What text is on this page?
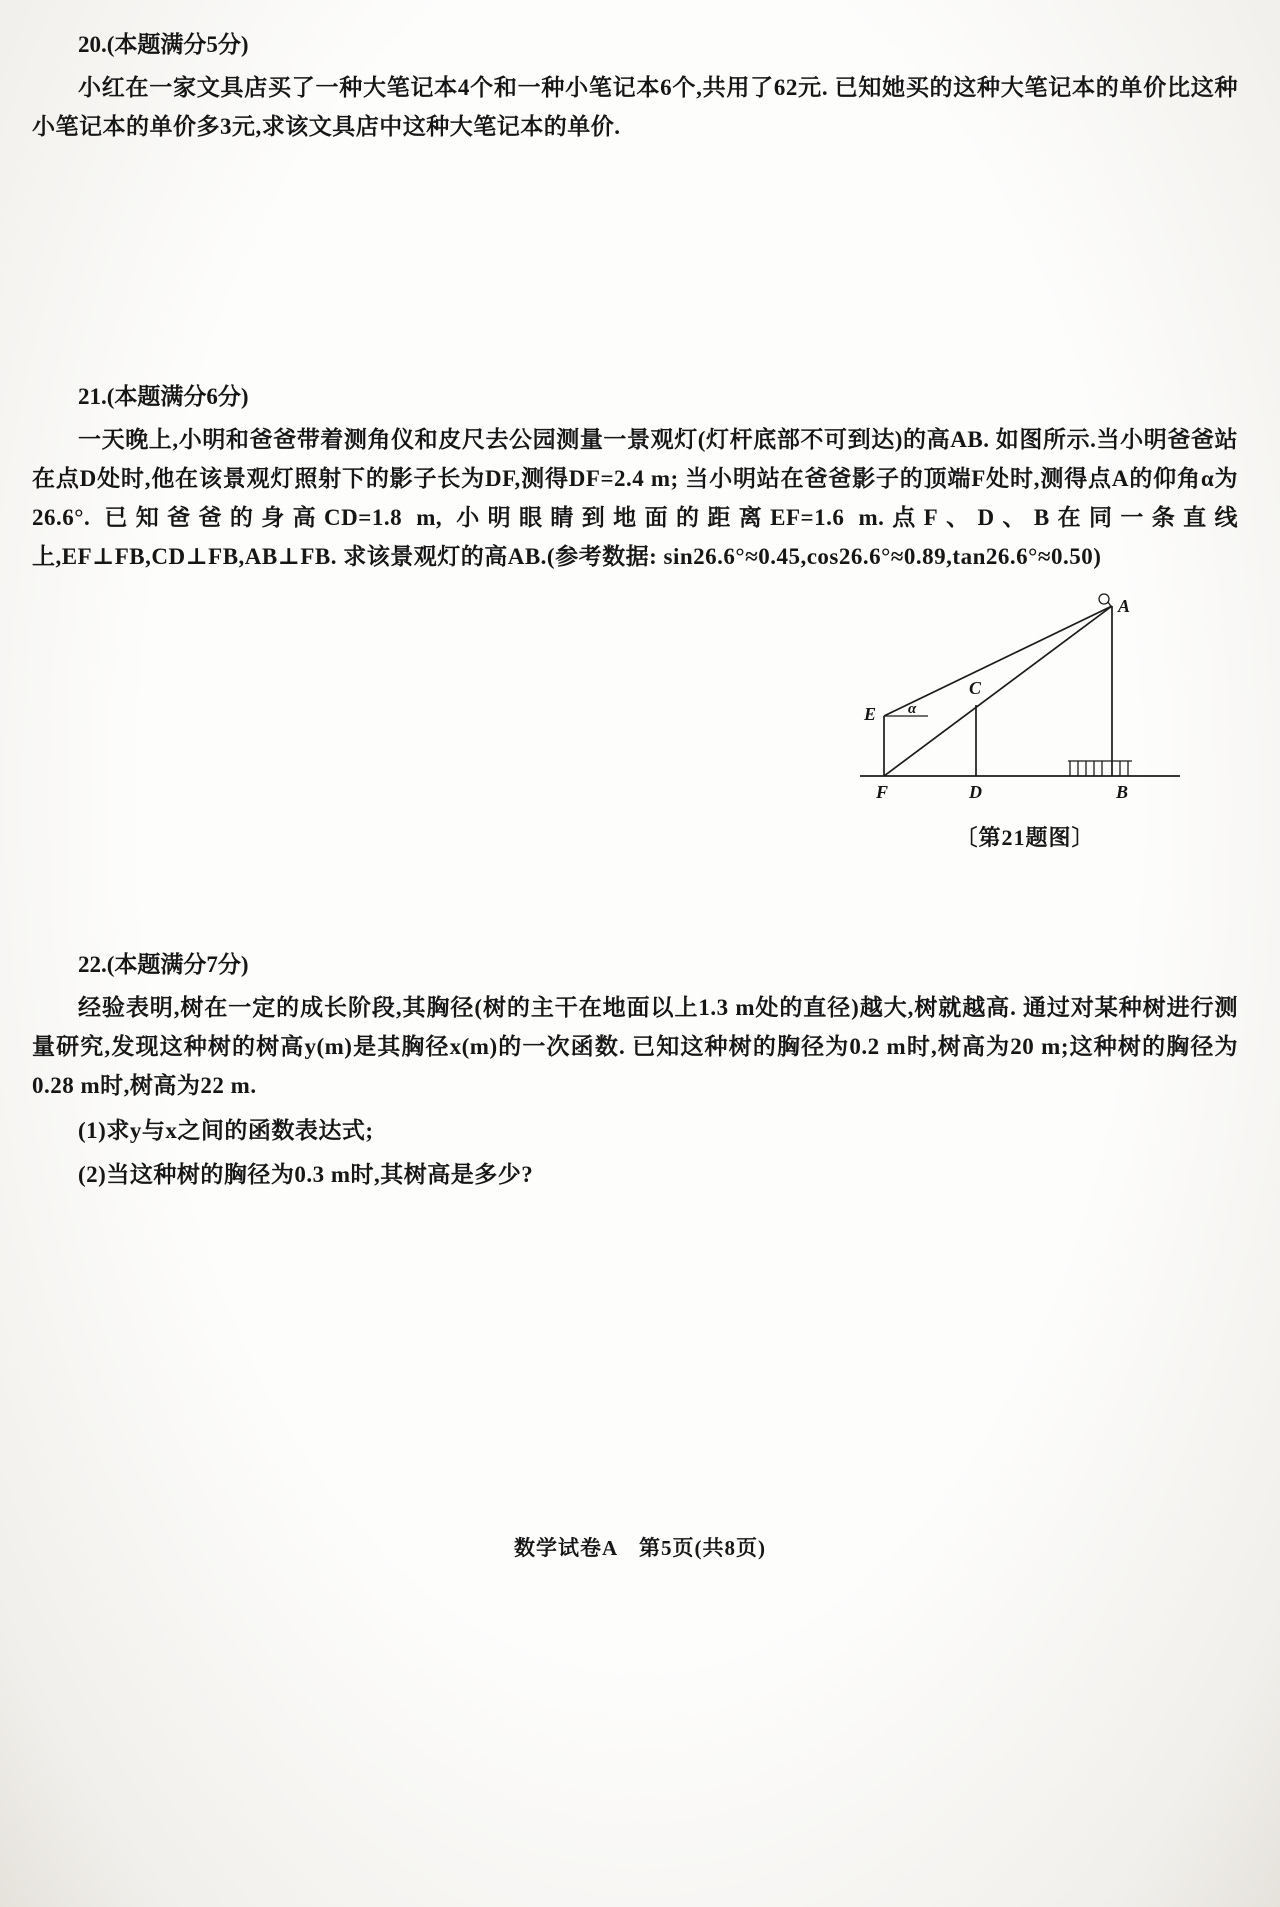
20.(本题满分5分)

小红在一家文具店买了一种大笔记本4个和一种小笔记本6个,共用了62元. 已知她买的这种大笔记本的单价比这种小笔记本的单价多3元,求该文具店中这种大笔记本的单价.

21.(本题满分6分)

一天晚上,小明和爸爸带着测角仪和皮尺去公园测量一景观灯(灯杆底部不可到达)的高AB. 如图所示.当小明爸爸站在点D处时,他在该景观灯照射下的影子长为DF,测得DF=2.4 m; 当小明站在爸爸影子的顶端F处时,测得点A的仰角α为26.6°. 已知爸爸的身高CD=1.8 m, 小明眼睛到地面的距离EF=1.6 m.点F、D、B在同一条直线上,EF⊥FB,CD⊥FB,AB⊥FB. 求该景观灯的高AB.(参考数据: sin26.6°≈0.45,cos26.6°≈0.89,tan26.6°≈0.50)

A
E α
C
F	D	B
〔第21题图〕

22.(本题满分7分)

经验表明,树在一定的成长阶段,其胸径(树的主干在地面以上1.3 m处的直径)越大,树就越高. 通过对某种树进行测量研究,发现这种树的树高y(m)是其胸径x(m)的一次函数. 已知这种树的胸径为0.2 m时,树高为20 m;这种树的胸径为0.28 m时,树高为22 m.

(1)求y与x之间的函数表达式;

(2)当这种树的胸径为0.3 m时,其树高是多少?

数学试卷A　第5页(共8页)
